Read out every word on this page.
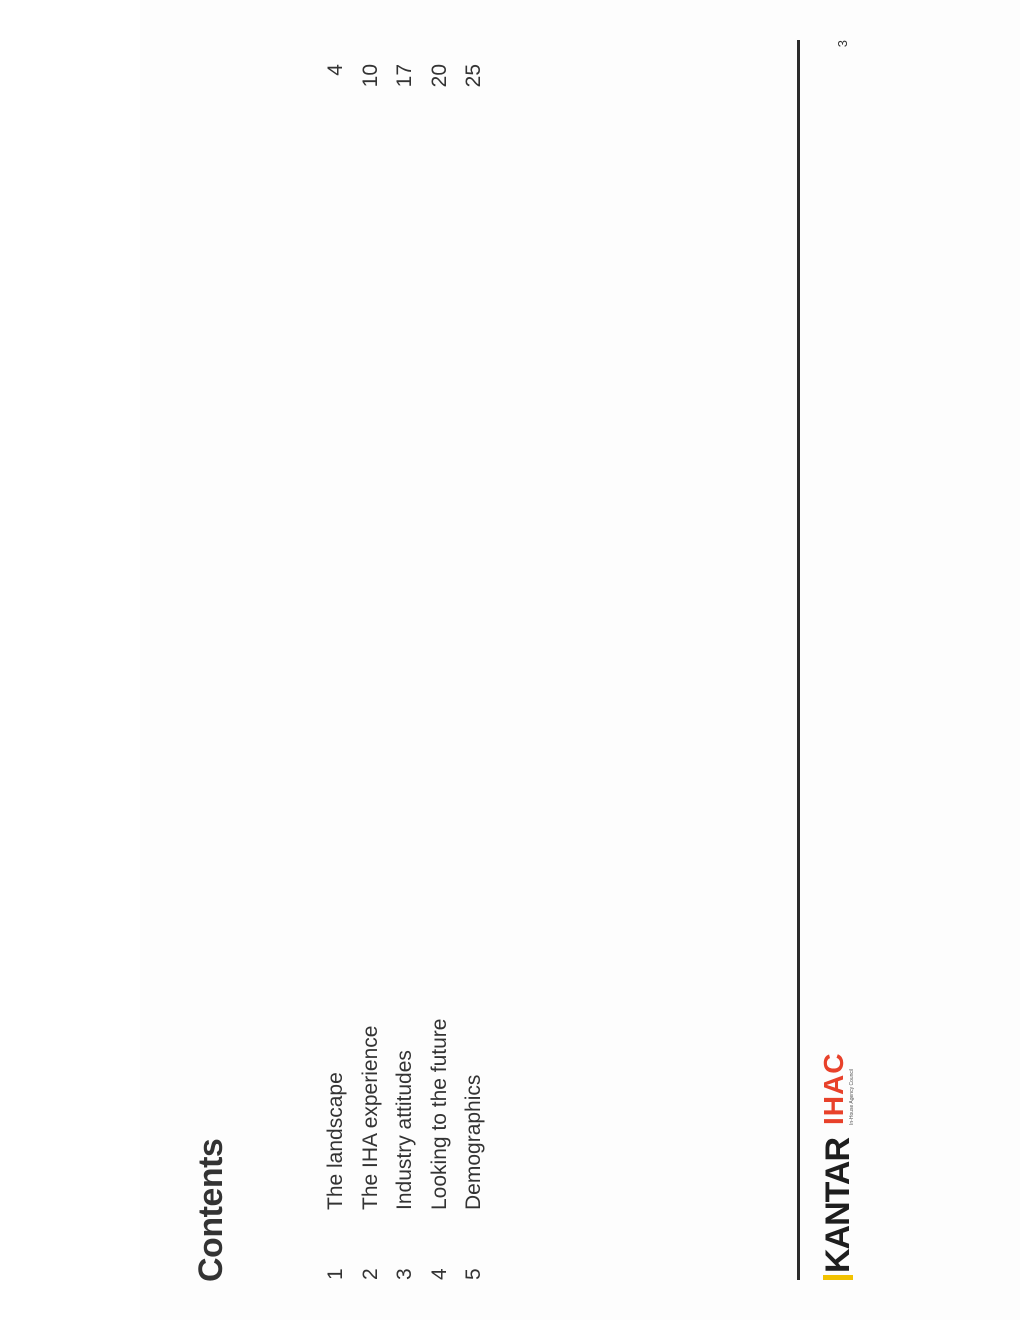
Contents	1
The landscape
4
2
The IHA experience
10
3
Industry attitudes
17
4
Looking to the future
20
5
Demographics
25
KANTAR
IHAC In-House Agency Council
3
